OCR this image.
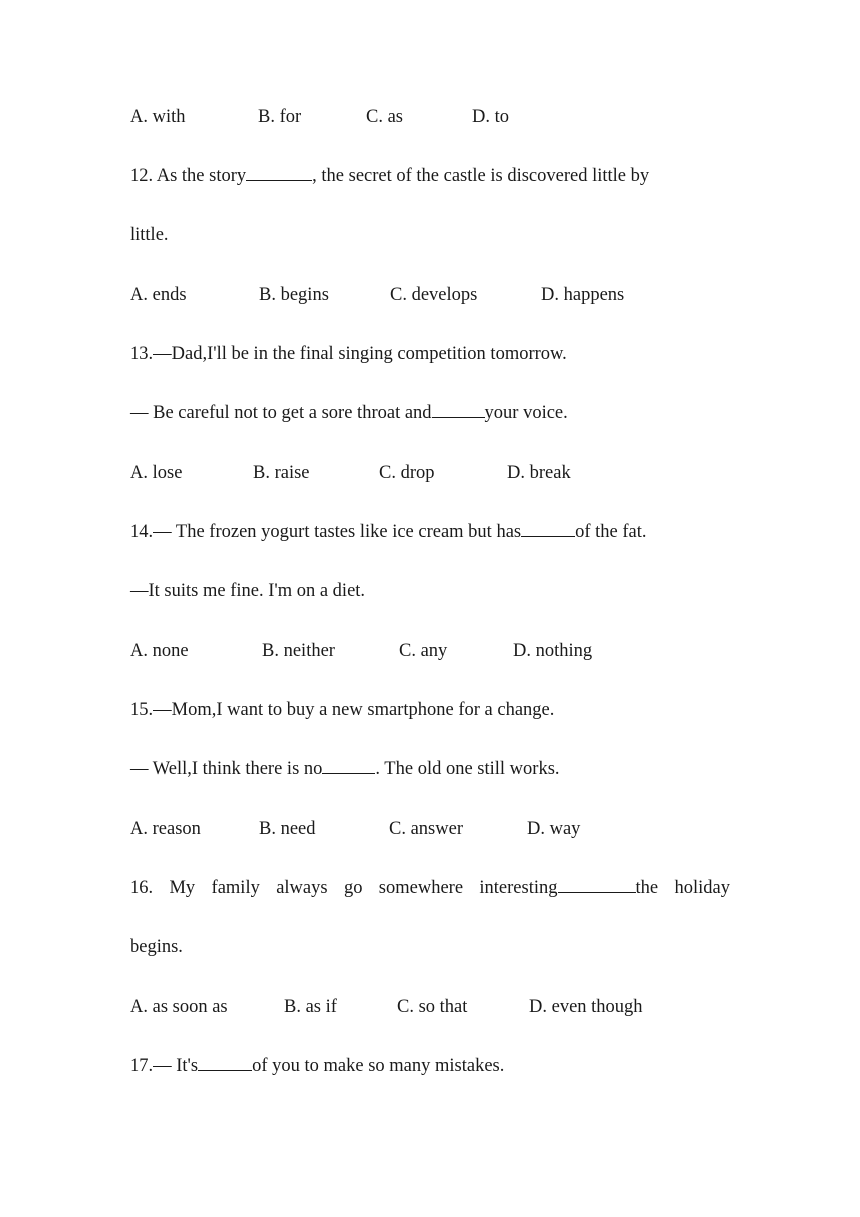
A. with	B. for	C. as	D. to
12. As the story	, the secret of the castle is discovered little by
little.
A. ends	B. begins	C. develops	D. happens
13.—Dad,I'll be in the final singing competition tomorrow.
— Be careful not to get a sore throat and	your voice.
A. lose	B. raise	C. drop	D. break
14.— The frozen yogurt tastes like ice cream but has	of the fat.
—It suits me fine. I'm on a diet.
A. none	B. neither	C. any	D. nothing
15.—Mom,I want to buy a new smartphone for a change.
— Well,I think there is no	. The old one still works.
A. reason	B. need	C. answer	D. way
16. My family always go somewhere interesting	the holiday
begins.
A. as soon as	B. as if	C. so that	D. even though
17.— It's	of you to make so many mistakes.
